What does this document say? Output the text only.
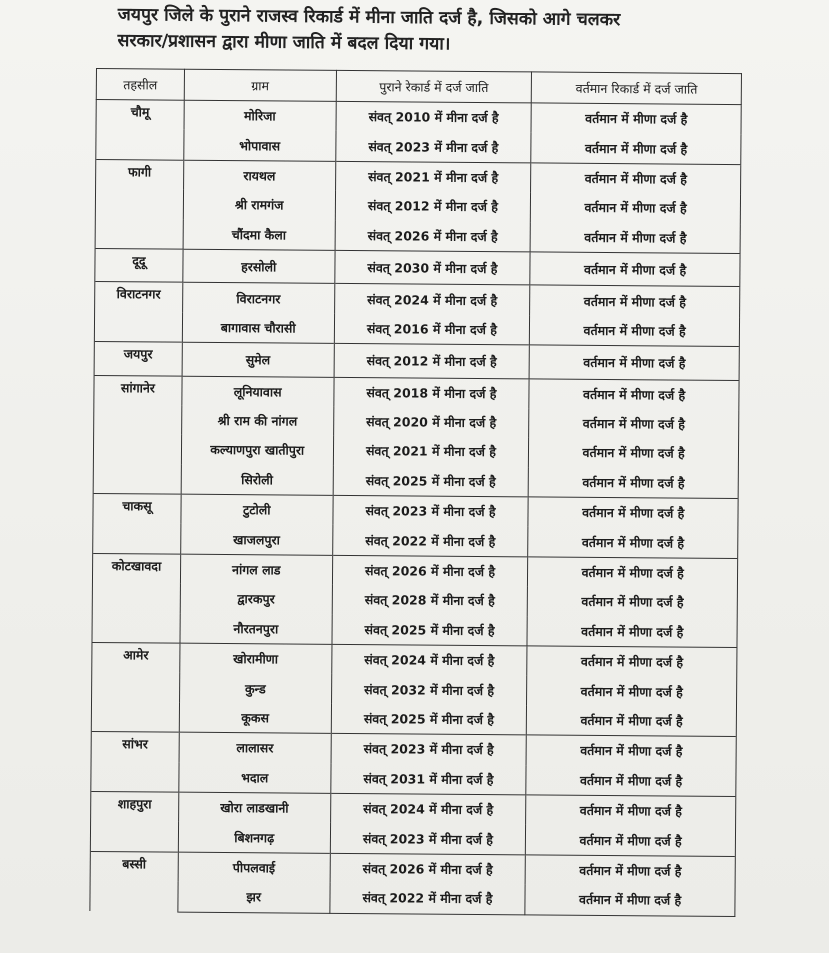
जयपुर जिले के पुराने राजस्व रिकार्ड में मीना जाति दर्ज है, जिसको आगे चलकर
सरकार/प्रशासन द्वारा मीणा जाति में बदल दिया गया।
तहसील	ग्राम	पुराने रेकार्ड में दर्ज जाति	वर्तमान रिकार्ड में दर्ज जाति
चौमू	मोरिजा	संवत् 2010 में मीना दर्ज है	वर्तमान में मीणा दर्ज है
	भोपावास	संवत् 2023 में मीना दर्ज है	वर्तमान में मीणा दर्ज है
फागी	रायथल	संवत् 2021 में मीना दर्ज है	वर्तमान में मीणा दर्ज है
	श्री रामगंज	संवत् 2012 में मीना दर्ज है	वर्तमान में मीणा दर्ज है
	चौंदमा कैला	संवत् 2026 में मीना दर्ज है	वर्तमान में मीणा दर्ज है
दूदू	हरसोली	संवत् 2030 में मीना दर्ज है	वर्तमान में मीणा दर्ज है
विराटनगर	विराटनगर	संवत् 2024 में मीना दर्ज है	वर्तमान में मीणा दर्ज है
	बागावास चौरासी	संवत् 2016 में मीना दर्ज है	वर्तमान में मीणा दर्ज है
जयपुर	सुमेल	संवत् 2012 में मीना दर्ज है	वर्तमान में मीणा दर्ज है
सांगानेर	लूनियावास	संवत् 2018 में मीना दर्ज है	वर्तमान में मीणा दर्ज है
	श्री राम की नांगल	संवत् 2020 में मीना दर्ज है	वर्तमान में मीणा दर्ज है
	कल्याणपुरा खातीपुरा	संवत् 2021 में मीना दर्ज है	वर्तमान में मीणा दर्ज है
	सिरोली	संवत् 2025 में मीना दर्ज है	वर्तमान में मीणा दर्ज है
चाकसू	टुटोली	संवत् 2023 में मीना दर्ज है	वर्तमान में मीणा दर्ज है
	खाजलपुरा	संवत् 2022 में मीना दर्ज है	वर्तमान में मीणा दर्ज है
कोटखावदा	नांगल लाड	संवत् 2026 में मीना दर्ज है	वर्तमान में मीणा दर्ज है
	द्वारकपुर	संवत् 2028 में मीना दर्ज है	वर्तमान में मीणा दर्ज है
	नौरतनपुरा	संवत् 2025 में मीना दर्ज है	वर्तमान में मीणा दर्ज है
आमेर	खोरामीणा	संवत् 2024 में मीना दर्ज है	वर्तमान में मीणा दर्ज है
	कुन्ड	संवत् 2032 में मीना दर्ज है	वर्तमान में मीणा दर्ज है
	कूकस	संवत् 2025 में मीना दर्ज है	वर्तमान में मीणा दर्ज है
सांभर	लालासर	संवत् 2023 में मीना दर्ज है	वर्तमान में मीणा दर्ज है
	भदाल	संवत् 2031 में मीना दर्ज है	वर्तमान में मीणा दर्ज है
शाहपुरा	खोरा लाडखानी	संवत् 2024 में मीना दर्ज है	वर्तमान में मीणा दर्ज है
	बिशनगढ़	संवत् 2023 में मीना दर्ज है	वर्तमान में मीणा दर्ज है
बस्सी	पीपलवाई	संवत् 2026 में मीना दर्ज है	वर्तमान में मीणा दर्ज है
	झर	संवत् 2022 में मीना दर्ज है	वर्तमान में मीणा दर्ज है
